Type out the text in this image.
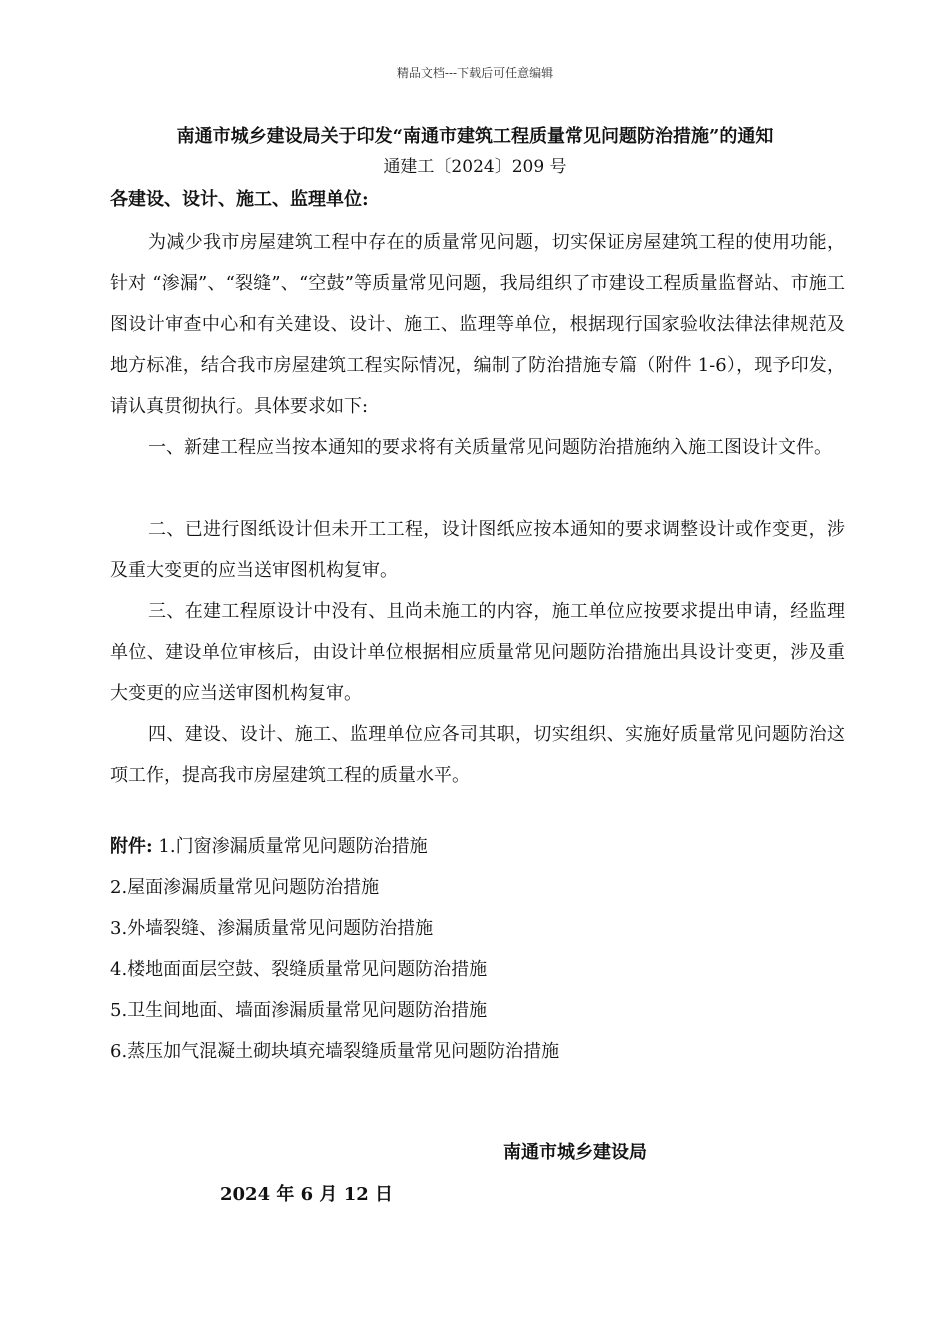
精品文档---下载后可任意编辑
南通市城乡建设局关于印发“南通市建筑工程质量常见问题防治措施”的通知
通建工〔2024〕209 号
各建设、设计、施工、监理单位:
为减少我市房屋建筑工程中存在的质量常见问题，切实保证房屋建筑工程的使用功能，针对 “渗漏”、“裂缝”、“空鼓”等质量常见问题，我局组织了市建设工程质量监督站、市施工图设计审查中心和有关建设、设计、施工、监理等单位，根据现行国家验收法律法律规范及地方标准，结合我市房屋建筑工程实际情况，编制了防治措施专篇（附件 1-6），现予印发，请认真贯彻执行。具体要求如下:
一、新建工程应当按本通知的要求将有关质量常见问题防治措施纳入施工图设计文件。
二、已进行图纸设计但未开工工程，设计图纸应按本通知的要求调整设计或作变更，涉及重大变更的应当送审图机构复审。
三、在建工程原设计中没有、且尚未施工的内容，施工单位应按要求提出申请，经监理单位、建设单位审核后，由设计单位根据相应质量常见问题防治措施出具设计变更，涉及重大变更的应当送审图机构复审。
四、建设、设计、施工、监理单位应各司其职，切实组织、实施好质量常见问题防治这项工作，提高我市房屋建筑工程的质量水平。
附件: 1.门窗渗漏质量常见问题防治措施
2.屋面渗漏质量常见问题防治措施
3.外墙裂缝、渗漏质量常见问题防治措施
4.楼地面面层空鼓、裂缝质量常见问题防治措施
5.卫生间地面、墙面渗漏质量常见问题防治措施
6.蒸压加气混凝土砌块填充墙裂缝质量常见问题防治措施
南通市城乡建设局
2024 年 6 月 12 日
